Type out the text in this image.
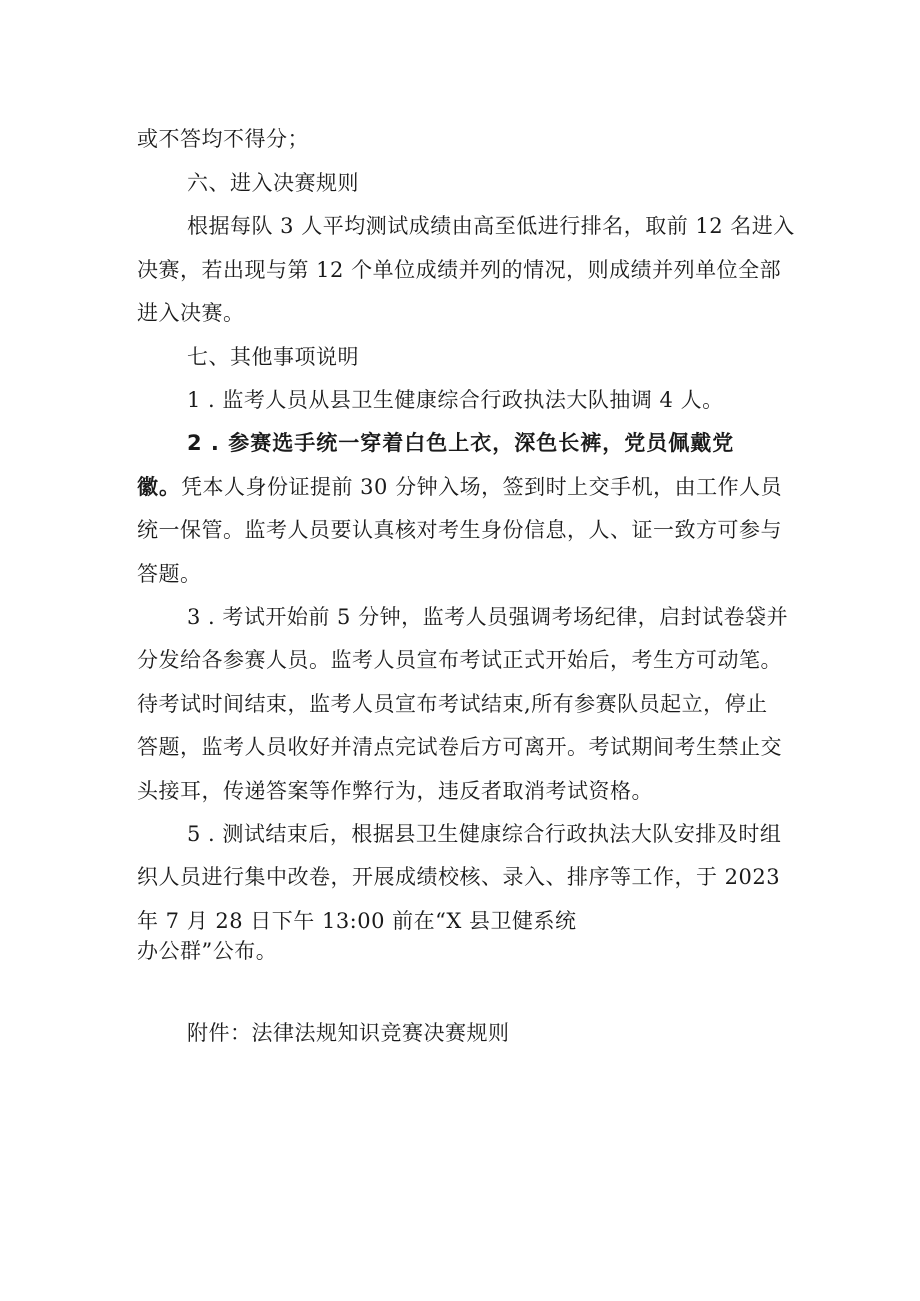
或不答均不得分；
六、进入决赛规则
根据每队 3 人平均测试成绩由高至低进行排名，取前 12 名进入
决赛，若出现与第 12 个单位成绩并列的情况，则成绩并列单位全部
进入决赛。
七、其他事项说明
1 . 监考人员从县卫生健康综合行政执法大队抽调 4 人。
2 . 参赛选手统一穿着白色上衣，深色长裤，党员佩戴党
徽。凭本人身份证提前 30 分钟入场，签到时上交手机，由工作人员
统一保管。监考人员要认真核对考生身份信息，人、证一致方可参与
答题。
3 . 考试开始前 5 分钟，监考人员强调考场纪律，启封试卷袋并
分发给各参赛人员。监考人员宣布考试正式开始后，考生方可动笔。
待考试时间结束，监考人员宣布考试结束,所有参赛队员起立，停止
答题，监考人员收好并清点完试卷后方可离开。考试期间考生禁止交
头接耳，传递答案等作弊行为，违反者取消考试资格。
5 . 测试结束后，根据县卫生健康综合行政执法大队安排及时组
织人员进行集中改卷，开展成绩校核、录入、排序等工作，于 2023
年 7 月 28 日下午 13:00 前在“X 县卫健系统
办公群”公布。
附件：法律法规知识竞赛决赛规则
